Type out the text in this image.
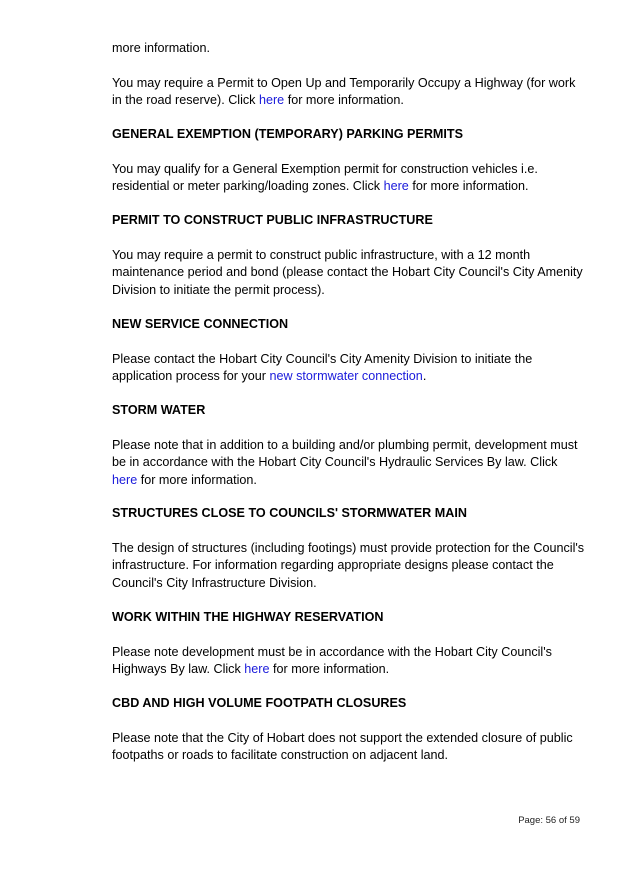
more information.

You may require a Permit to Open Up and Temporarily Occupy a Highway (for work in the road reserve). Click here for more information.

GENERAL EXEMPTION (TEMPORARY) PARKING PERMITS

You may qualify for a General Exemption permit for construction vehicles i.e. residential or meter parking/loading zones. Click here for more information.

PERMIT TO CONSTRUCT PUBLIC INFRASTRUCTURE

You may require a permit to construct public infrastructure, with a 12 month maintenance period and bond (please contact the Hobart City Council's City Amenity Division to initiate the permit process).

NEW SERVICE CONNECTION

Please contact the Hobart City Council's City Amenity Division to initiate the application process for your new stormwater connection.

STORM WATER

Please note that in addition to a building and/or plumbing permit, development must be in accordance with the Hobart City Council's Hydraulic Services By law. Click here for more information.

STRUCTURES CLOSE TO COUNCILS' STORMWATER MAIN

The design of structures (including footings) must provide protection for the Council's infrastructure. For information regarding appropriate designs please contact the Council's City Infrastructure Division.

WORK WITHIN THE HIGHWAY RESERVATION

Please note development must be in accordance with the Hobart City Council's Highways By law. Click here for more information.

CBD AND HIGH VOLUME FOOTPATH CLOSURES

Please note that the City of Hobart does not support the extended closure of public footpaths or roads to facilitate construction on adjacent land.

Page: 56 of 59
